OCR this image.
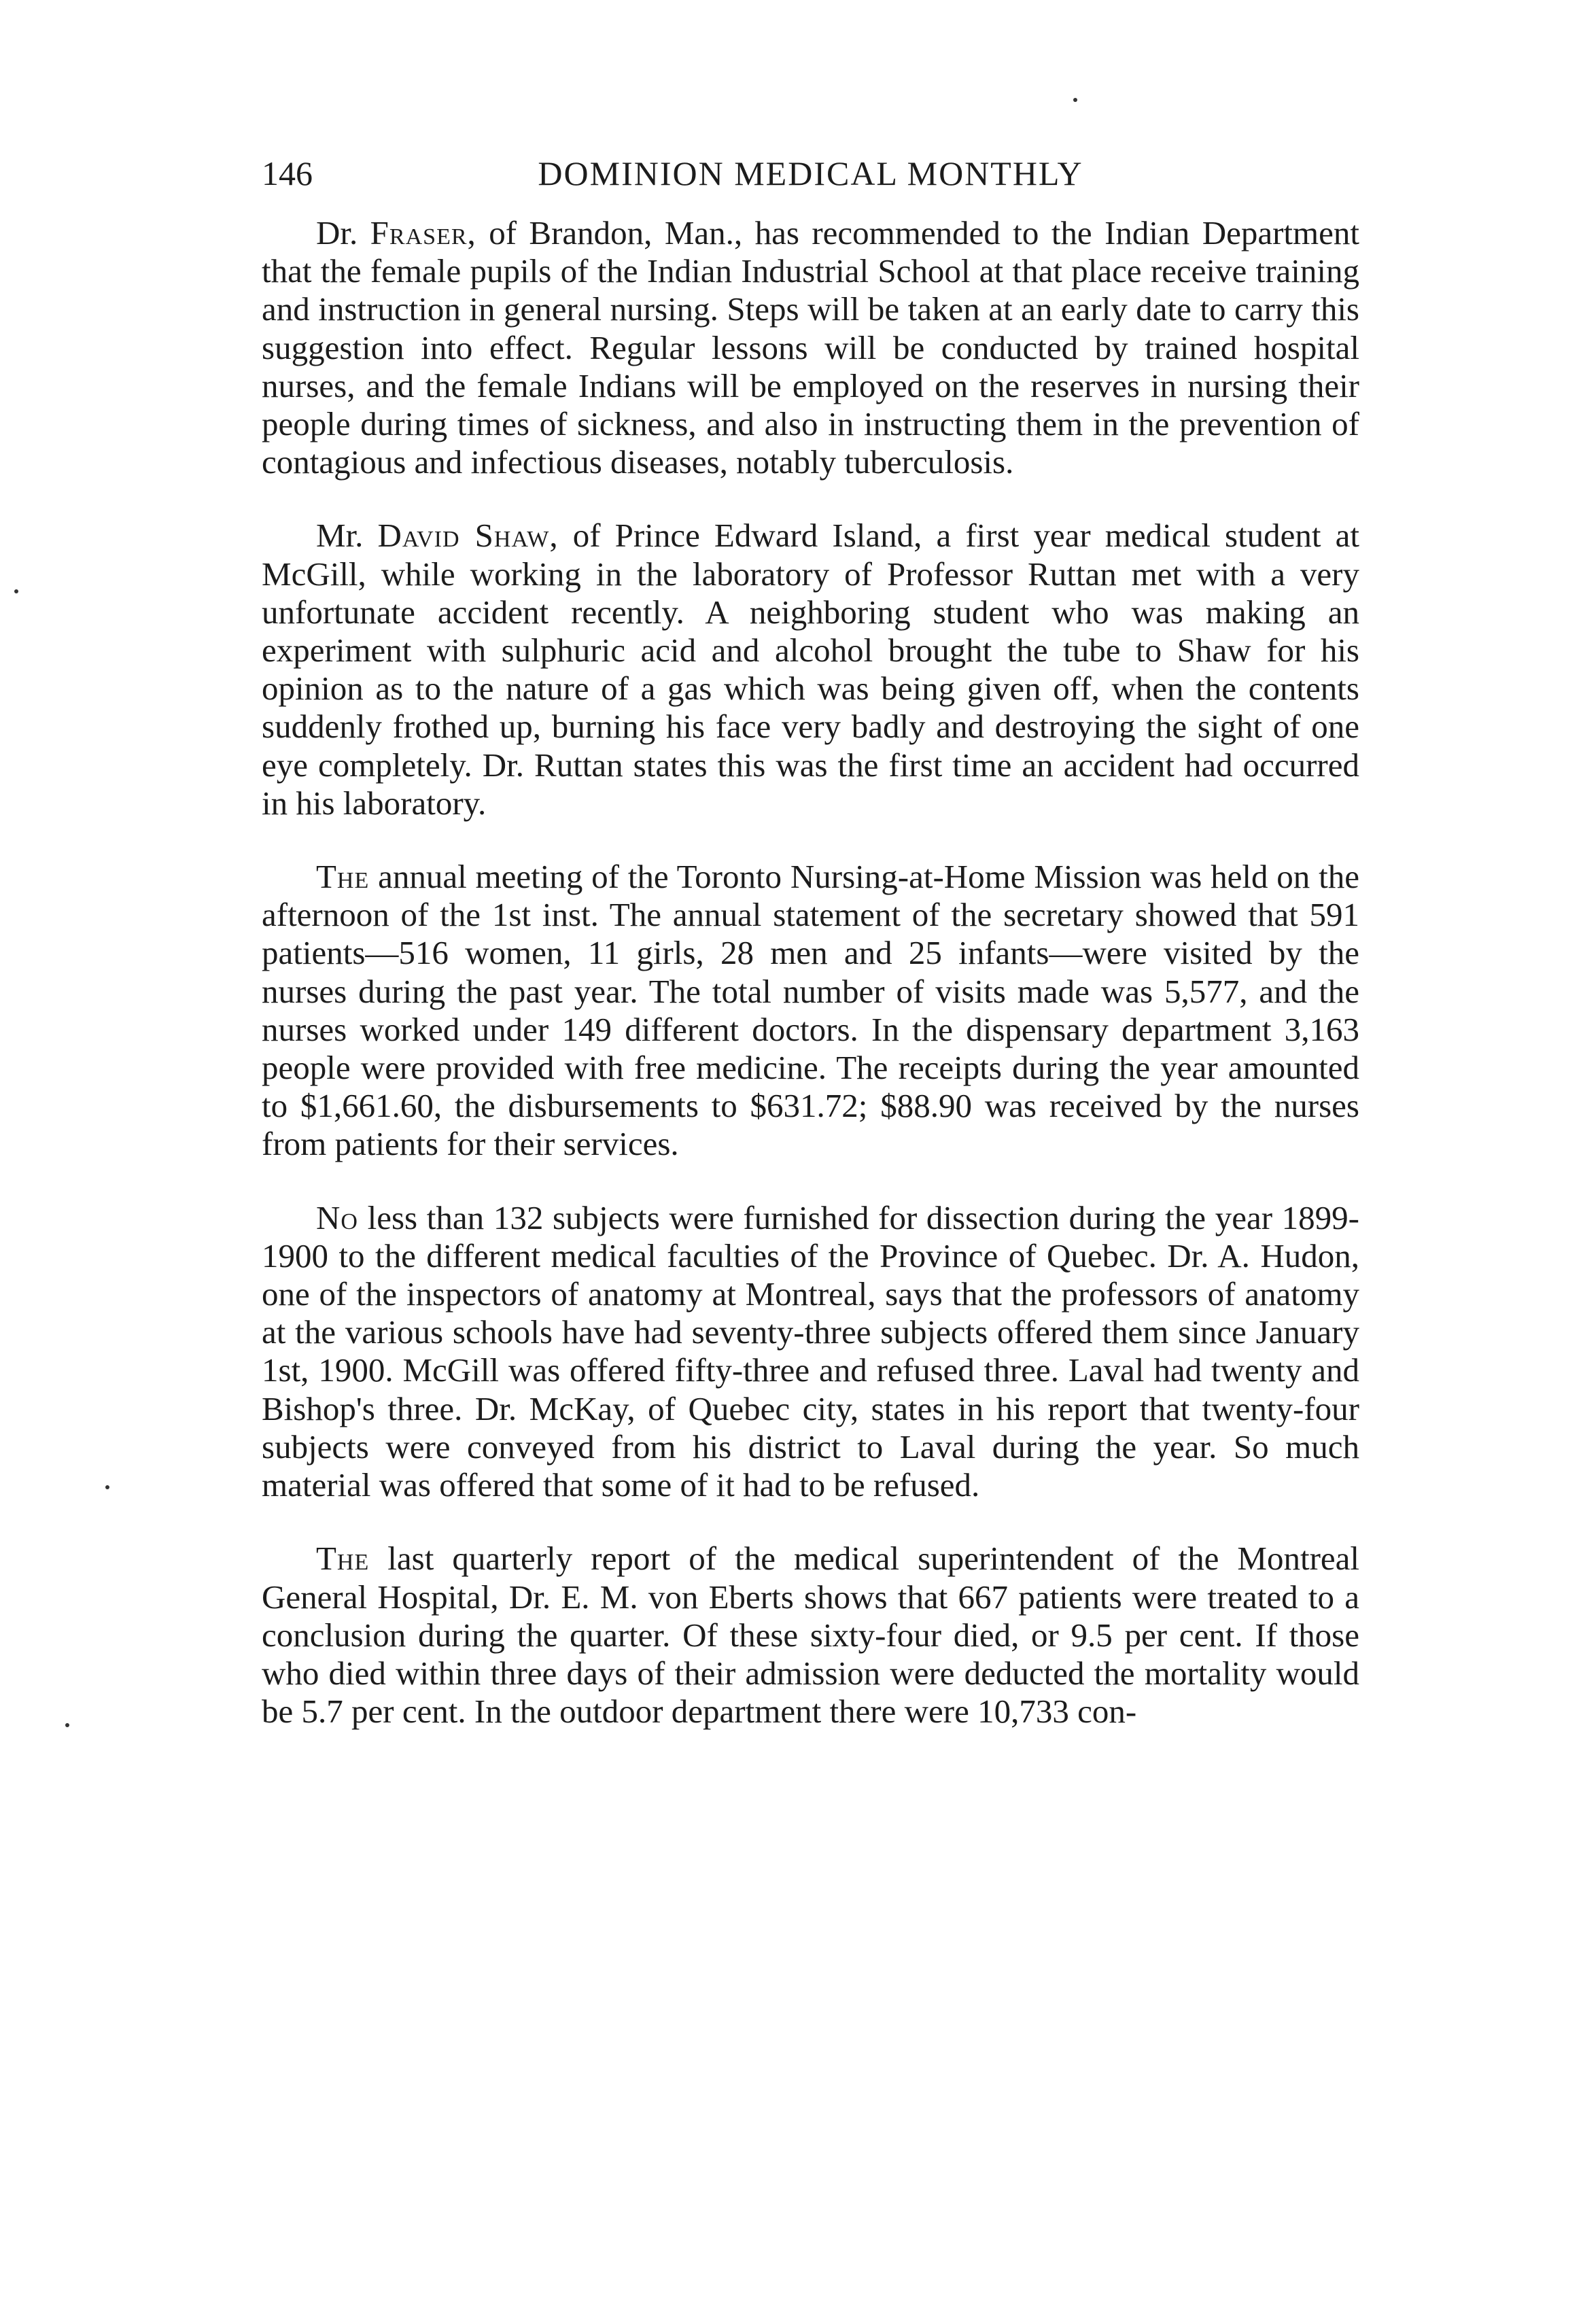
146	DOMINION MEDICAL MONTHLY

Dr. Fraser, of Brandon, Man., has recommended to the Indian Department that the female pupils of the Indian Industrial School at that place receive training and instruction in general nursing. Steps will be taken at an early date to carry this suggestion into effect. Regular lessons will be conducted by trained hospital nurses, and the female Indians will be employed on the reserves in nursing their people during times of sickness, and also in instructing them in the prevention of contagious and infectious diseases, notably tuberculosis.

Mr. David Shaw, of Prince Edward Island, a first year medical student at McGill, while working in the laboratory of Professor Ruttan met with a very unfortunate accident recently. A neighboring student who was making an experiment with sulphuric acid and alcohol brought the tube to Shaw for his opinion as to the nature of a gas which was being given off, when the contents suddenly frothed up, burning his face very badly and destroying the sight of one eye completely. Dr. Ruttan states this was the first time an accident had occurred in his laboratory.

The annual meeting of the Toronto Nursing-at-Home Mission was held on the afternoon of the 1st inst. The annual statement of the secretary showed that 591 patients—516 women, 11 girls, 28 men and 25 infants—were visited by the nurses during the past year. The total number of visits made was 5,577, and the nurses worked under 149 different doctors. In the dispensary department 3,163 people were provided with free medicine. The receipts during the year amounted to $1,661.60, the disbursements to $631.72; $88.90 was received by the nurses from patients for their services.

No less than 132 subjects were furnished for dissection during the year 1899-1900 to the different medical faculties of the Province of Quebec. Dr. A. Hudon, one of the inspectors of anatomy at Montreal, says that the professors of anatomy at the various schools have had seventy-three subjects offered them since January 1st, 1900. McGill was offered fifty-three and refused three. Laval had twenty and Bishop's three. Dr. McKay, of Quebec city, states in his report that twenty-four subjects were conveyed from his district to Laval during the year. So much material was offered that some of it had to be refused.

The last quarterly report of the medical superintendent of the Montreal General Hospital, Dr. E. M. von Eberts shows that 667 patients were treated to a conclusion during the quarter. Of these sixty-four died, or 9.5 per cent. If those who died within three days of their admission were deducted the mortality would be 5.7 per cent. In the outdoor department there were 10,733 con-
